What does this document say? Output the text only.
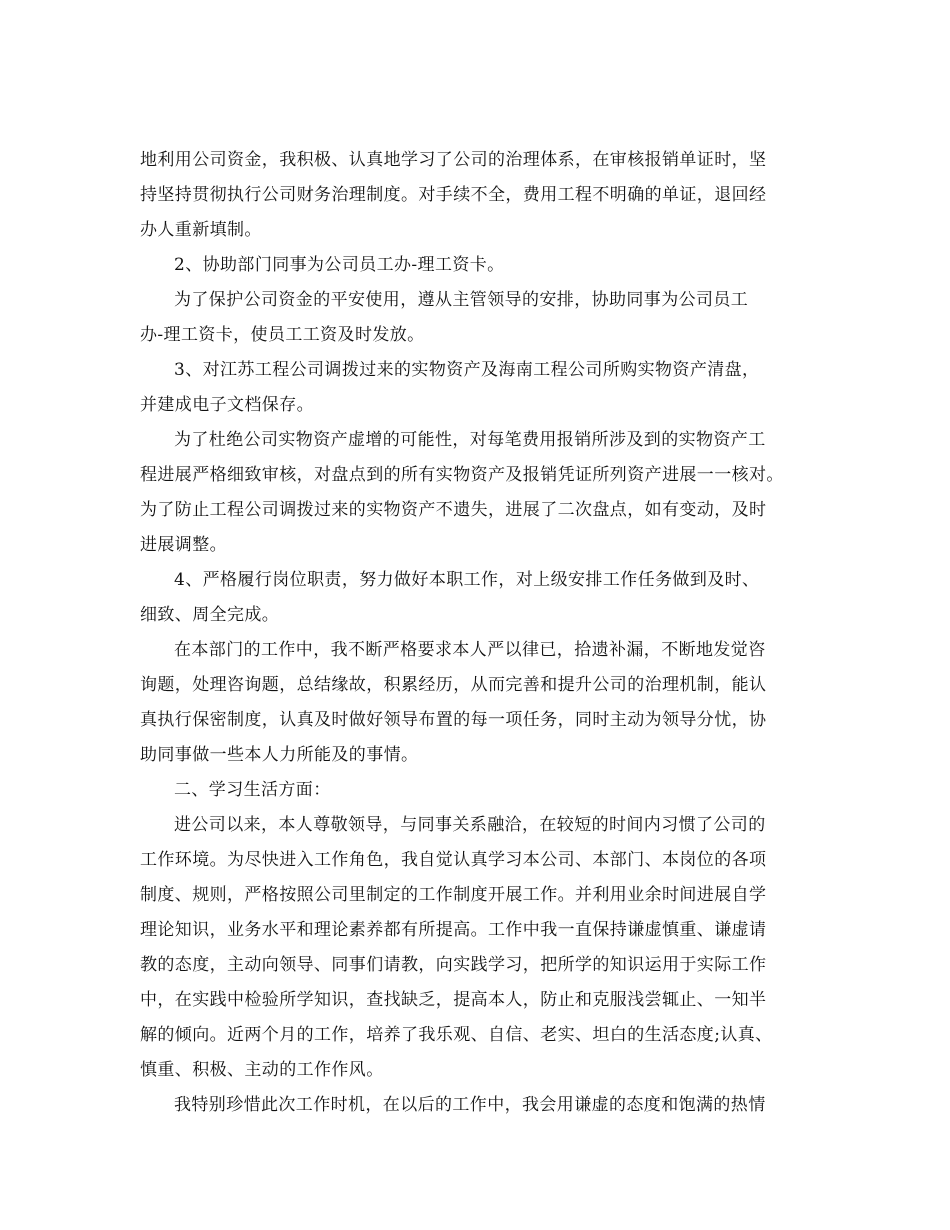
地利用公司资金，我积极、认真地学习了公司的治理体系，在审核报销单证时，坚
持坚持贯彻执行公司财务治理制度。对手续不全，费用工程不明确的单证，退回经
办人重新填制。
2、协助部门同事为公司员工办-理工资卡。
为了保护公司资金的平安使用，遵从主管领导的安排，协助同事为公司员工
办-理工资卡，使员工工资及时发放。
3、对江苏工程公司调拨过来的实物资产及海南工程公司所购实物资产清盘，
并建成电子文档保存。
为了杜绝公司实物资产虚增的可能性，对每笔费用报销所涉及到的实物资产工
程进展严格细致审核，对盘点到的所有实物资产及报销凭证所列资产进展一一核对。
为了防止工程公司调拨过来的实物资产不遗失，进展了二次盘点，如有变动，及时
进展调整。
4、严格履行岗位职责，努力做好本职工作，对上级安排工作任务做到及时、
细致、周全完成。
在本部门的工作中，我不断严格要求本人严以律已，拾遗补漏，不断地发觉咨
询题，处理咨询题，总结缘故，积累经历，从而完善和提升公司的治理机制，能认
真执行保密制度，认真及时做好领导布置的每一项任务，同时主动为领导分忧，协
助同事做一些本人力所能及的事情。
二、学习生活方面：
进公司以来，本人尊敬领导，与同事关系融洽，在较短的时间内习惯了公司的
工作环境。为尽快进入工作角色，我自觉认真学习本公司、本部门、本岗位的各项
制度、规则，严格按照公司里制定的工作制度开展工作。并利用业余时间进展自学
理论知识，业务水平和理论素养都有所提高。工作中我一直保持谦虚慎重、谦虚请
教的态度，主动向领导、同事们请教，向实践学习，把所学的知识运用于实际工作
中，在实践中检验所学知识，查找缺乏，提高本人，防止和克服浅尝辄止、一知半
解的倾向。近两个月的工作，培养了我乐观、自信、老实、坦白的生活态度;认真、
慎重、积极、主动的工作作风。
我特别珍惜此次工作时机，在以后的工作中，我会用谦虚的态度和饱满的热情
